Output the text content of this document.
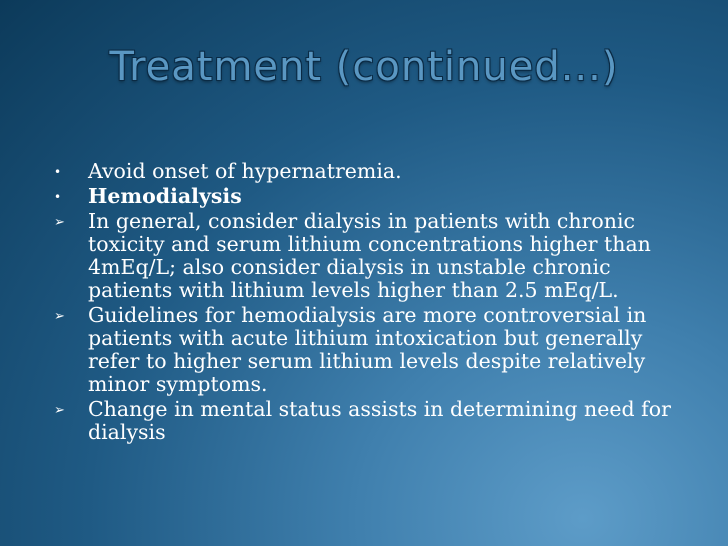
Treatment (continued...)
•	Avoid onset of hypernatremia.
•	Hemodialysis
➢	In general, consider dialysis in patients with chronic toxicity and serum lithium concentrations higher than 4mEq/L; also consider dialysis in unstable chronic patients with lithium levels higher than 2.5 mEq/L.
➢	Guidelines for hemodialysis are more controversial in patients with acute lithium intoxication but generally refer to higher serum lithium levels despite relatively minor symptoms.
➢	Change in mental status assists in determining need for dialysis
